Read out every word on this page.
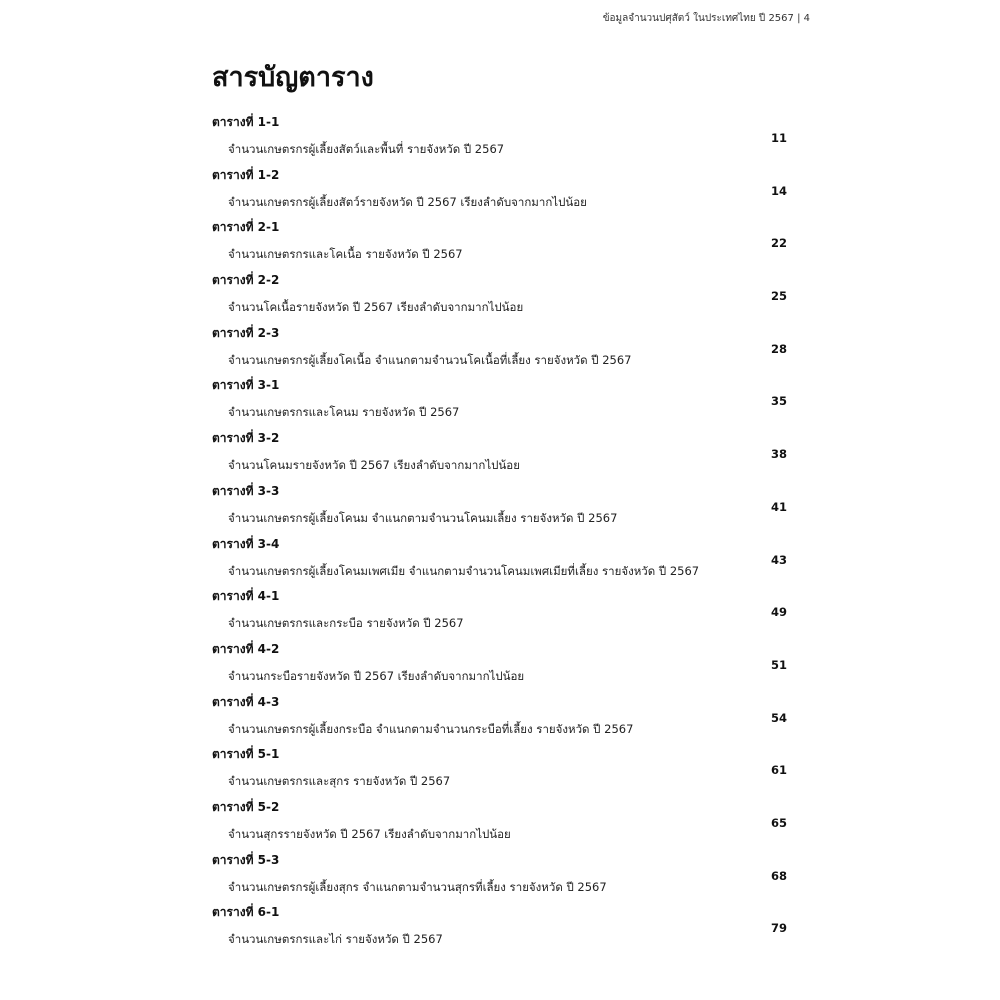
ข้อมูลจำนวนปศุสัตว์ ในประเทศไทย ปี 2567 | 4
สารบัญตาราง
ตารางที่ 1-1
จำนวนเกษตรกรผู้เลี้ยงสัตว์และพื้นที่ รายจังหวัด ปี 2567
11
ตารางที่ 1-2
จำนวนเกษตรกรผู้เลี้ยงสัตว์รายจังหวัด ปี 2567 เรียงลำดับจากมากไปน้อย
14
ตารางที่ 2-1
จำนวนเกษตรกรและโคเนื้อ รายจังหวัด ปี 2567
22
ตารางที่ 2-2
จำนวนโคเนื้อรายจังหวัด ปี 2567 เรียงลำดับจากมากไปน้อย
25
ตารางที่ 2-3
จำนวนเกษตรกรผู้เลี้ยงโคเนื้อ จำแนกตามจำนวนโคเนื้อที่เลี้ยง รายจังหวัด ปี 2567
28
ตารางที่ 3-1
จำนวนเกษตรกรและโคนม รายจังหวัด ปี 2567
35
ตารางที่ 3-2
จำนวนโคนมรายจังหวัด ปี 2567 เรียงลำดับจากมากไปน้อย
38
ตารางที่ 3-3
จำนวนเกษตรกรผู้เลี้ยงโคนม จำแนกตามจำนวนโคนมเลี้ยง รายจังหวัด ปี 2567
41
ตารางที่ 3-4
จำนวนเกษตรกรผู้เลี้ยงโคนมเพศเมีย จำแนกตามจำนวนโคนมเพศเมียที่เลี้ยง รายจังหวัด ปี 2567
43
ตารางที่ 4-1
จำนวนเกษตรกรและกระบือ รายจังหวัด ปี 2567
49
ตารางที่ 4-2
จำนวนกระบือรายจังหวัด ปี 2567 เรียงลำดับจากมากไปน้อย
51
ตารางที่ 4-3
จำนวนเกษตรกรผู้เลี้ยงกระบือ จำแนกตามจำนวนกระบือที่เลี้ยง รายจังหวัด ปี 2567
54
ตารางที่ 5-1
จำนวนเกษตรกรและสุกร รายจังหวัด ปี 2567
61
ตารางที่ 5-2
จำนวนสุกรรายจังหวัด ปี 2567 เรียงลำดับจากมากไปน้อย
65
ตารางที่ 5-3
จำนวนเกษตรกรผู้เลี้ยงสุกร จำแนกตามจำนวนสุกรที่เลี้ยง รายจังหวัด ปี 2567
68
ตารางที่ 6-1
จำนวนเกษตรกรและไก่ รายจังหวัด ปี 2567
79
